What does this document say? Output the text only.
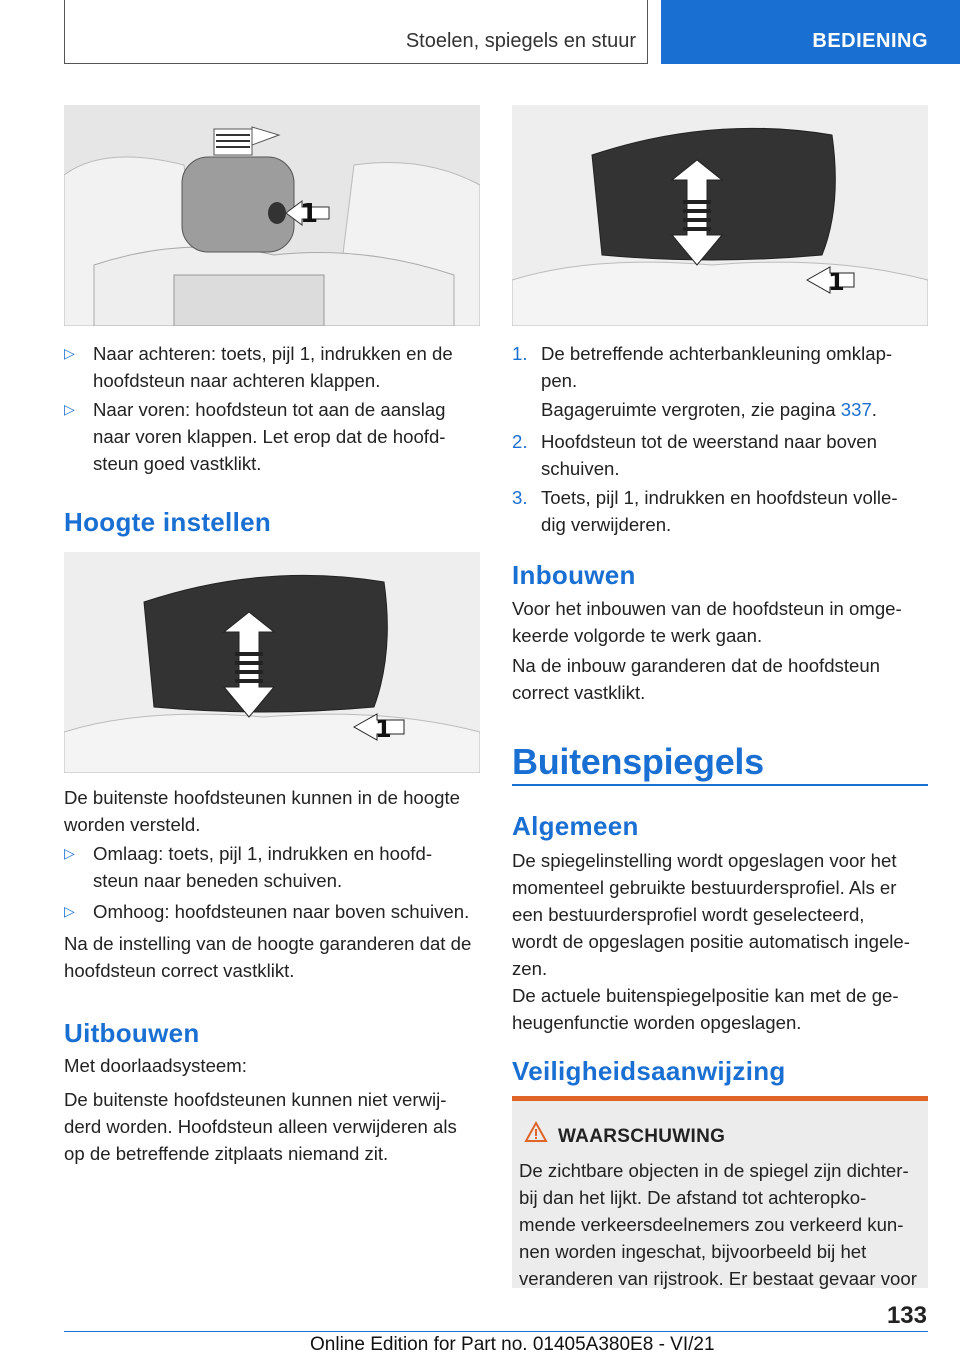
Stoelen, spiegels en stuur	BEDIENING
1
1
1
▷ Naar achteren: toets, pijl 1, indrukken en de
hoofdsteun naar achteren klappen.
▷ Naar voren: hoofdsteun tot aan de aanslag
naar voren klappen. Let erop dat de hoofd-
steun goed vastklikt.
Hoogte instellen
De buitenste hoofdsteunen kunnen in de hoogte
worden versteld.
▷ Omlaag: toets, pijl 1, indrukken en hoofd-
steun naar beneden schuiven.
▷ Omhoog: hoofdsteunen naar boven schuiven.
Na de instelling van de hoogte garanderen dat de
hoofdsteun correct vastklikt.
Uitbouwen
Met doorlaadsysteem:
De buitenste hoofdsteunen kunnen niet verwij-
derd worden. Hoofdsteun alleen verwijderen als
op de betreffende zitplaats niemand zit.
1. De betreffende achterbankleuning omklap-
pen.
Bagageruimte vergroten, zie pagina 337.
2. Hoofdsteun tot de weerstand naar boven
schuiven.
3. Toets, pijl 1, indrukken en hoofdsteun volle-
dig verwijderen.
Inbouwen
Voor het inbouwen van de hoofdsteun in omge-
keerde volgorde te werk gaan.
Na de inbouw garanderen dat de hoofdsteun
correct vastklikt.
Buitenspiegels
Algemeen
De spiegelinstelling wordt opgeslagen voor het
momenteel gebruikte bestuurdersprofiel. Als er
een bestuurdersprofiel wordt geselecteerd,
wordt de opgeslagen positie automatisch ingele-
zen.
De actuele buitenspiegelpositie kan met de ge-
heugenfunctie worden opgeslagen.
Veiligheidsaanwijzing
WAARSCHUWING
De zichtbare objecten in de spiegel zijn dichter-
bij dan het lijkt. De afstand tot achteropko-
mende verkeersdeelnemers zou verkeerd kun-
nen worden ingeschat, bijvoorbeeld bij het
veranderen van rijstrook. Er bestaat gevaar voor
133
Online Edition for Part no. 01405A380E8 - VI/21
